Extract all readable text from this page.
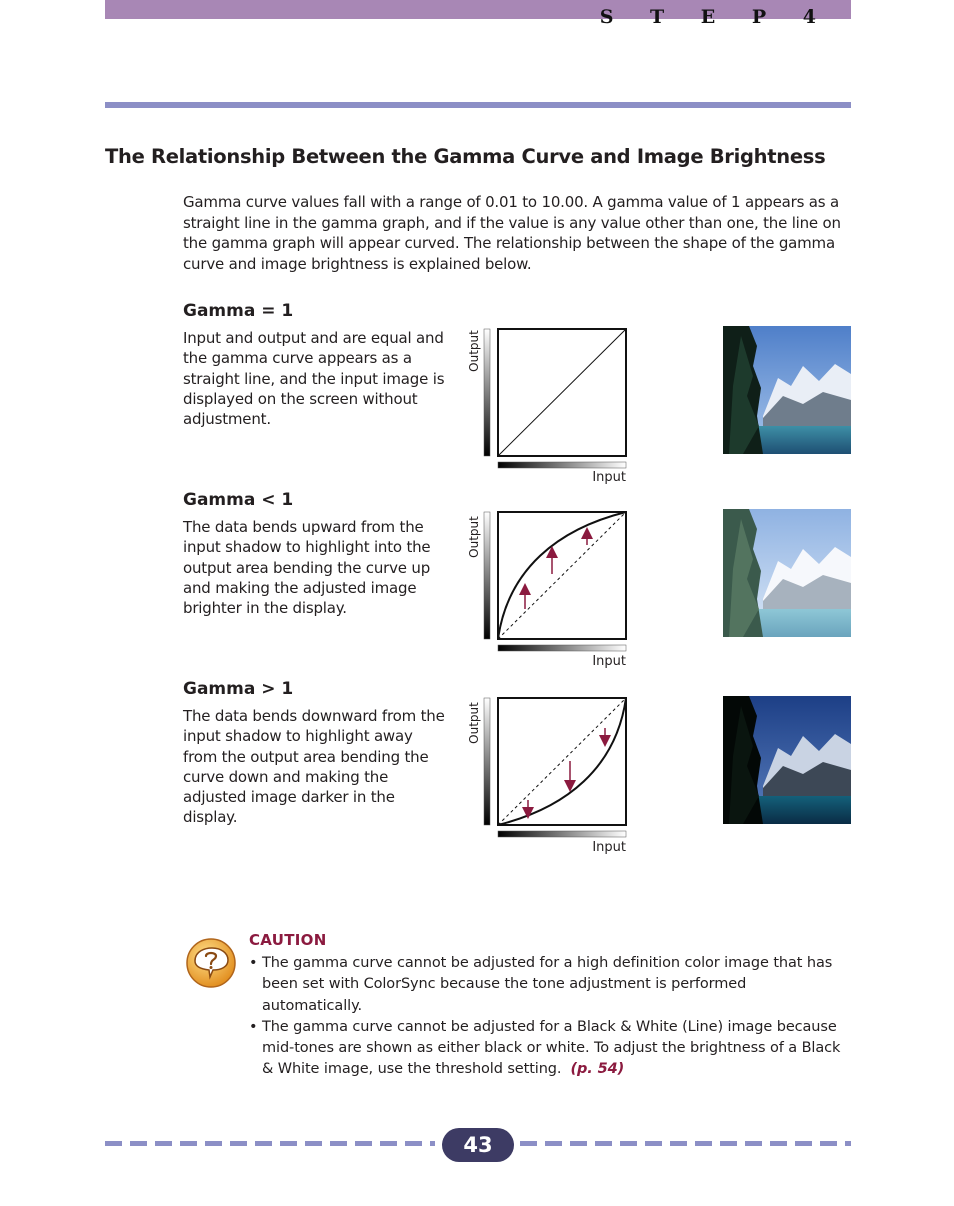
S T E P 4
The Relationship Between the Gamma Curve and Image Brightness

Gamma curve values fall with a range of 0.01 to 10.00. A gamma value of 1 appears as a straight line in the gamma graph, and if the value is any value other than one, the line on the gamma graph will appear curved. The relationship between the shape of the gamma curve and image brightness is explained below.

Gamma = 1

Input and output and are equal and the gamma curve appears as a straight line, and the input image is displayed on the screen without adjustment.

Output
Input
Gamma < 1

The data bends upward from the input shadow to highlight into the output area bending the curve up and making the adjusted image brighter in the display.

Output
Input
Gamma > 1

The data bends downward from the input shadow to highlight away from the output area bending the curve down and making the adjusted image darker in the display.

Output
Input
CAUTION
• The gamma curve cannot be adjusted for a high definition color image that has been set with ColorSync because the tone adjustment is performed automatically.
• The gamma curve cannot be adjusted for a Black & White (Line) image because mid-tones are shown as either black or white. To adjust the brightness of a Black & White image, use the threshold setting. (p. 54)
43
